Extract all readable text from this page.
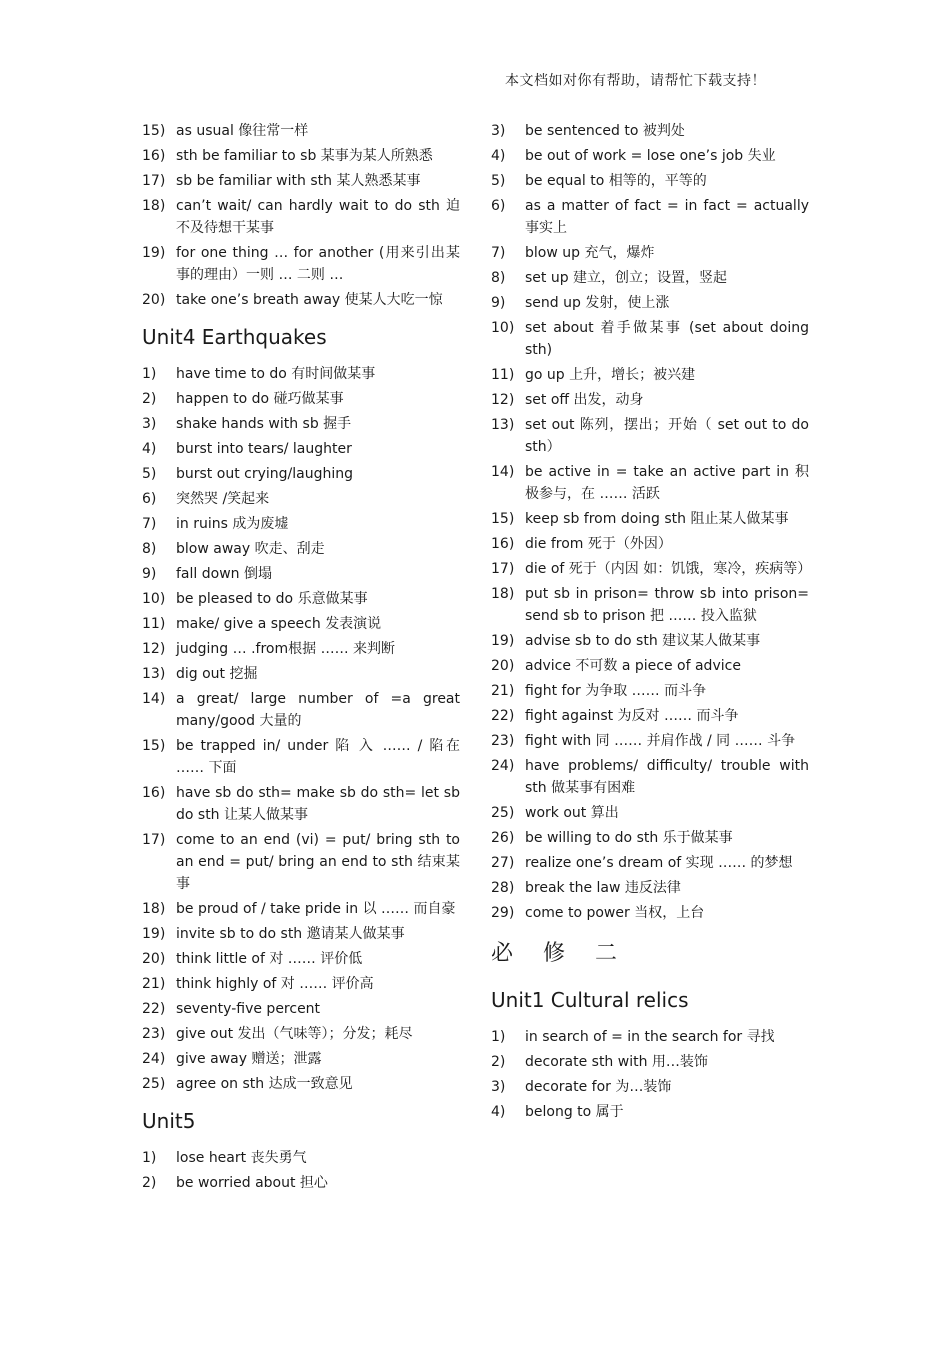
本文档如对你有帮助，请帮忙下载支持！
15) as usual 像往常一样
16) sth be familiar to sb 某事为某人所熟悉
17) sb be familiar with sth 某人熟悉某事
18) can’t wait/ can hardly wait to do sth 迫不及待想干某事
19) for one thing … for another (用来引出某事的理由）一则 … 二则 …
20) take one’s breath away 使某人大吃一惊
Unit4 Earthquakes
1)	have time to do 有时间做某事
2)	happen to do 碰巧做某事
3)	shake hands with sb 握手
4)	burst into tears/ laughter
5)	burst out crying/laughing
6)	突然哭 /笑起来
7)	in ruins 成为废墟
8)	blow away 吹走、刮走
9)	fall down 倒塌
10) be pleased to do 乐意做某事
11) make/ give a speech 发表演说
12) judging … .from根据 …… 来判断
13) dig out 挖掘
14) a great/ large number of =a great many/good 大量的
15) be trapped in/ under 陷 入 …… / 陷在 …… 下面
16) have sb do sth= make sb do sth= let sb do sth 让某人做某事
17) come to an end (vi) = put/ bring sth to an end = put/ bring an end to sth 结束某事
18) be proud of / take pride in 以 …… 而自豪
19) invite sb to do sth 邀请某人做某事
20) think little of 对 …… 评价低
21) think highly of 对 …… 评价高
22) seventy-five percent
23) give out 发出（气味等）；分发；耗尽
24) give away 赠送；泄露
25) agree on sth 达成一致意见
Unit5
1)	lose heart 丧失勇气
2)	be worried about 担心
3)	be sentenced to 被判处
4)	be out of work = lose one’s job 失业
5)	be equal to 相等的，平等的
6)	as a matter of fact = in fact = actually 事实上
7)	blow up 充气，爆炸
8)	set up 建立，创立；设置，竖起
9)	send up 发射，使上涨
10) set about 着手做某事 (set about doing sth)
11) go up 上升，增长；被兴建
12) set off 出发，动身
13) set out 陈列，摆出；开始（ set out to do sth）
14) be active in = take an active part in 积极参与，在 …… 活跃
15) keep sb from doing sth 阻止某人做某事
16) die from 死于（外因）
17) die of 死于（内因 如：饥饿，寒冷，疾病等）
18) put sb in prison= throw sb into prison= send sb to prison 把 …… 投入监狱
19) advise sb to do sth 建议某人做某事
20) advice 不可数 a piece of advice
21) fight for 为争取 …… 而斗争
22) fight against 为反对 …… 而斗争
23) fight with 同 …… 并肩作战 / 同 …… 斗争
24) have problems/ difficulty/ trouble with sth 做某事有困难
25) work out 算出
26) be willing to do sth 乐于做某事
27) realize one’s dream of 实现 …… 的梦想
28) break the law 违反法律
29) come to power 当权，上台
必修二
Unit1 Cultural relics
1)	in search of = in the search for 寻找
2)	decorate sth with 用…装饰
3)	decorate for 为…装饰
4)	belong to 属于
